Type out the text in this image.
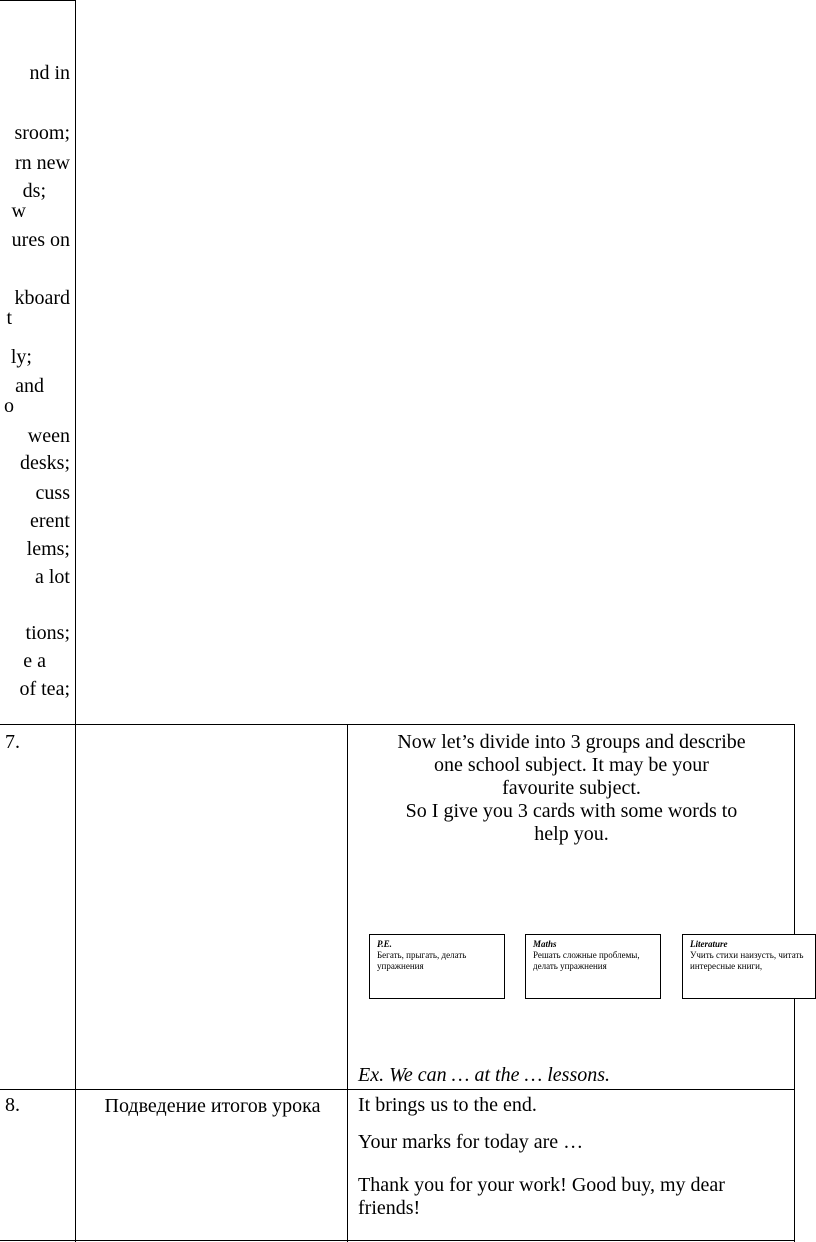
nd in
sroom;
rn new
ds;
w
ures on
kboard
t
ly;
and
o
ween
desks;
cuss
erent
lems;
a lot
tions;
e a
of tea;
7.	Now let’s divide into 3 groups and describe
one school subject. It may be your
favourite subject.
So I give you 3 cards with some words to
help you.
P.E.
Бегать, прыгать, делать упражнения
Maths
Решать сложные проблемы, делать упражнения
Literature
Учить стихи наизусть, читать интересные книги,
Ex. We can … at the … lessons.
8.	Подведение итогов урока It brings us to the end.
Your marks for today are …
Thank you for your work! Good buy, my dear friends!
